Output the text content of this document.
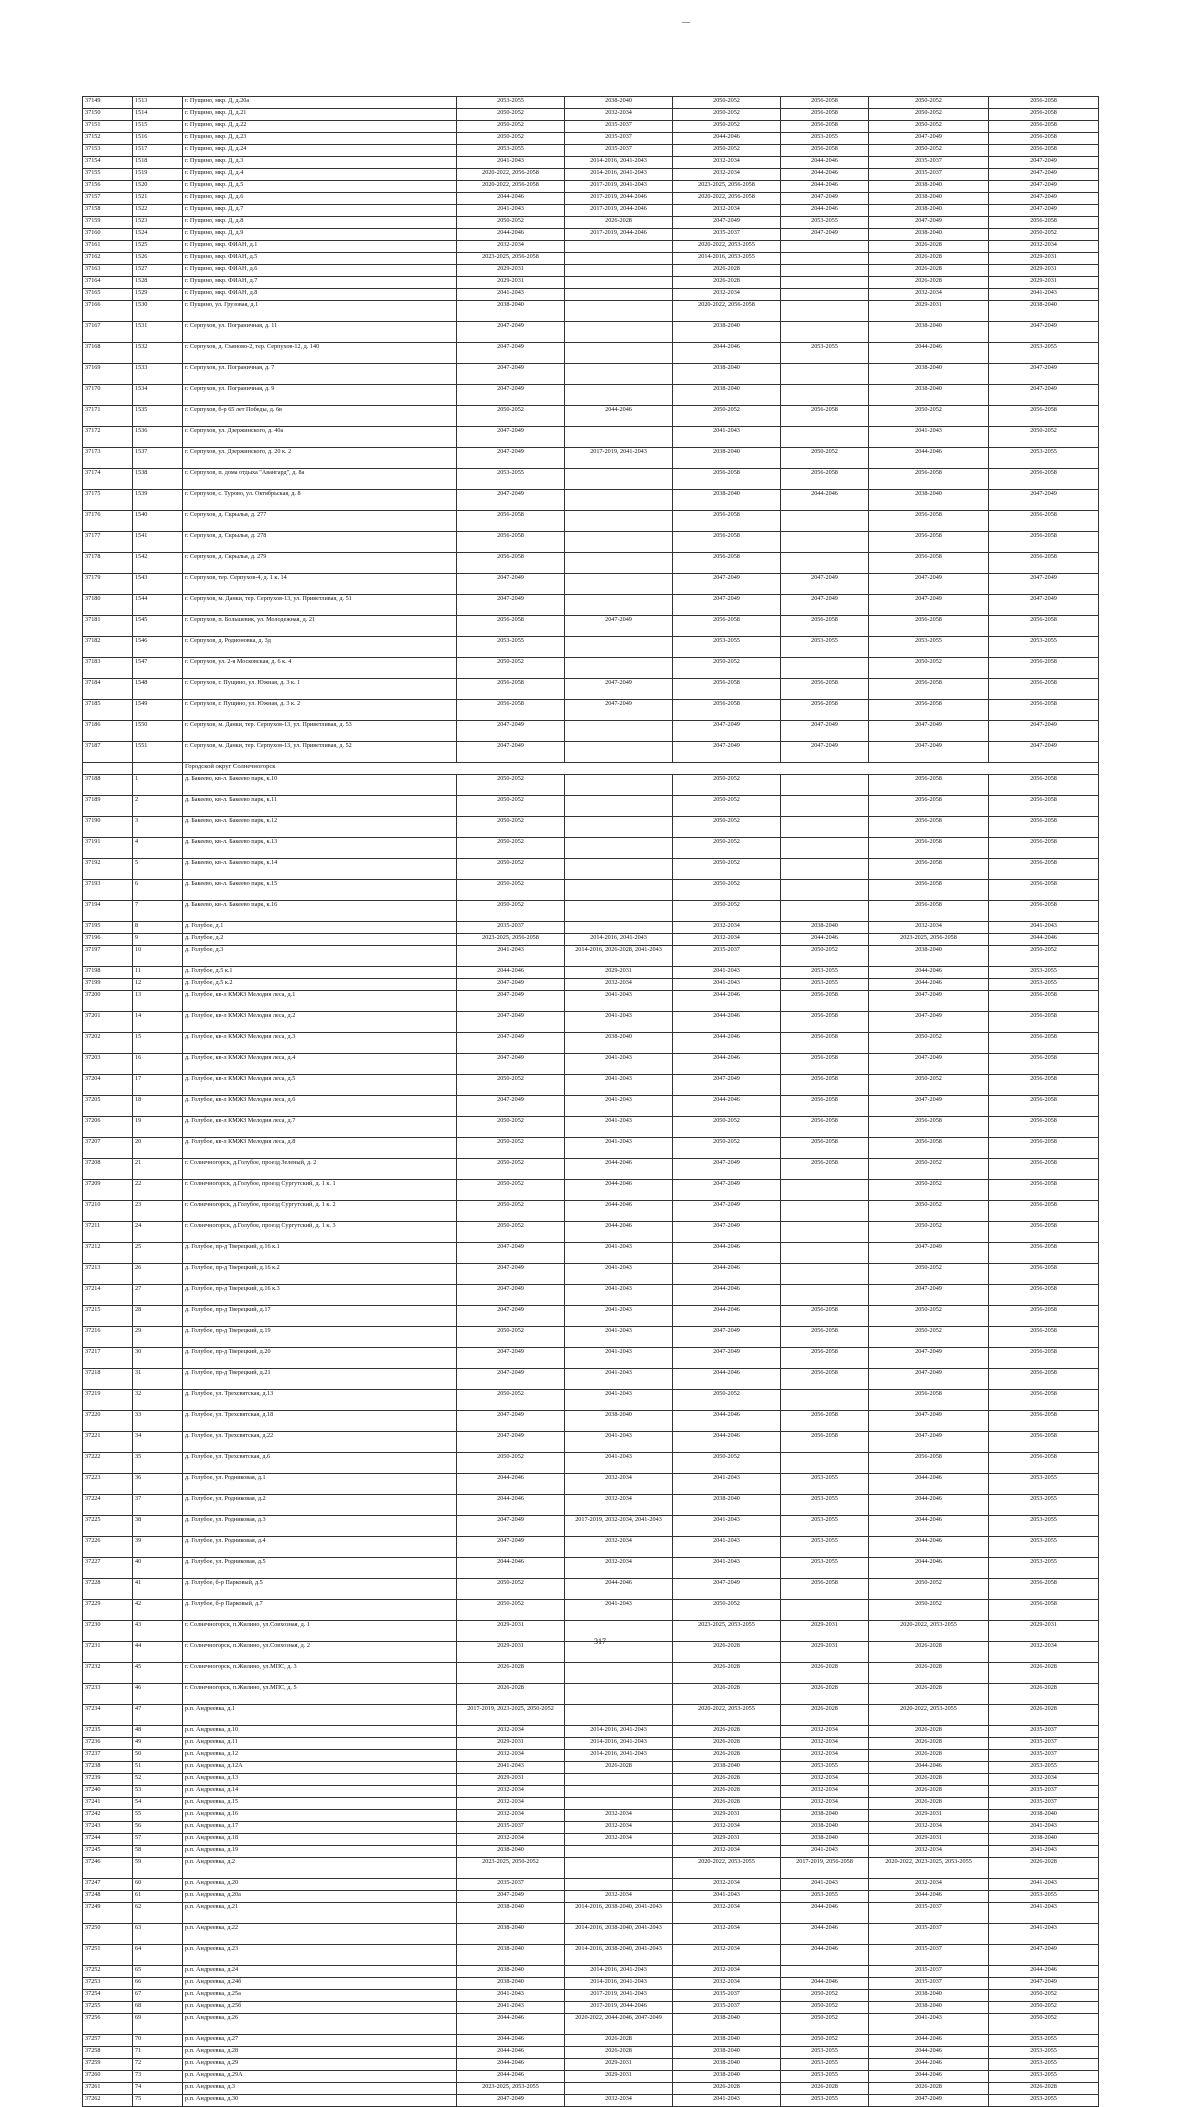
37149	1513	г. Пущино, мкр. Д, д.20а	2053-2055	2038-2040	2050-2052	2056-2058	2050-2052	2056-2058
37150	1514	г. Пущино, мкр. Д, д.21	2050-2052	2032-2034	2050-2052	2056-2058	2050-2052	2056-2058
37151	1515	г. Пущино, мкр. Д, д.22	2050-2052	2035-2037	2050-2052	2056-2058	2050-2052	2056-2058
37152	1516	г. Пущино, мкр. Д, д.23	2050-2052	2035-2037	2044-2046	2053-2055	2047-2049	2056-2058
37153	1517	г. Пущино, мкр. Д, д.24	2053-2055	2035-2037	2050-2052	2056-2058	2050-2052	2056-2058
37154	1518	г. Пущино, мкр. Д, д.3	2041-2043	2014-2016, 2041-2043	2032-2034	2044-2046	2035-2037	2047-2049
37155	1519	г. Пущино, мкр. Д, д.4	2020-2022, 2056-2058	2014-2016, 2041-2043	2032-2034	2044-2046	2035-2037	2047-2049
37156	1520	г. Пущино, мкр. Д, д.5	2020-2022, 2056-2058	2017-2019, 2041-2043	2023-2025, 2056-2058	2044-2046	2038-2040	2047-2049
37157	1521	г. Пущино, мкр. Д, д.6	2044-2046	2017-2019, 2044-2046	2020-2022, 2056-2058	2047-2049	2038-2040	2047-2049
37158	1522	г. Пущино, мкр. Д, д.7	2041-2043	2017-2019, 2044-2046	2032-2034	2044-2046	2038-2040	2047-2049
37159	1523	г. Пущино, мкр. Д, д.8	2050-2052	2026-2028	2047-2049	2053-2055	2047-2049	2056-2058
37160	1524	г. Пущино, мкр. Д, д.9	2044-2046	2017-2019, 2044-2046	2035-2037	2047-2049	2038-2040	2050-2052
37161	1525	г. Пущино, мкр. ФИАН, д.1	2032-2034		2020-2022, 2053-2055		2026-2028	2032-2034
37162	1526	г. Пущино, мкр. ФИАН, д.5	2023-2025, 2056-2058		2014-2016, 2053-2055		2026-2028	2029-2031
37163	1527	г. Пущино, мкр. ФИАН, д.6	2029-2031		2026-2028		2026-2028	2029-2031
37164	1528	г. Пущино, мкр. ФИАН, д.7	2029-2031		2026-2028		2026-2028	2029-2031
37165	1529	г. Пущино, мкр. ФИАН, д.8	2041-2043		2032-2034		2032-2034	2041-2043
37166	1530	г. Пущино, ул. Грузовая, д.1	2038-2040		2020-2022, 2056-2058		2029-2031	2038-2040
37167	1531	г. Серпухов, ул. Пограничная, д. 11	2047-2049		2038-2040		2038-2040	2047-2049
37168	1532	г. Серпухов, д. Съяново-2, тер. Серпухов-12, д. 140	2047-2049		2044-2046	2053-2055	2044-2046	2053-2055
37169	1533	г. Серпухов, ул. Пограничная, д. 7	2047-2049		2038-2040		2038-2040	2047-2049
37170	1534	г. Серпухов, ул. Пограничная, д. 9	2047-2049		2038-2040		2038-2040	2047-2049
37171	1535	г. Серпухов, б-р 65 лет Победы, д. 6в	2050-2052	2044-2046	2050-2052	2056-2058	2050-2052	2056-2058
37172	1536	г. Серпухов, ул. Дзержинского, д. 40а	2047-2049		2041-2043		2041-2043	2050-2052
37173	1537	г. Серпухов, ул. Дзержинского, д. 20 к. 2	2047-2049	2017-2019, 2041-2043	2038-2040	2050-2052	2044-2046	2053-2055
37174	1538	г. Серпухов, п. дома отдыха "Авангард", д. 8а	2053-2055		2056-2058	2056-2058	2056-2058	2056-2058
37175	1539	г. Серпухов, с. Турово, ул. Октябрьская, д. 8	2047-2049		2038-2040	2044-2046	2038-2040	2047-2049
37176	1540	г. Серпухов, д. Скрылья, д. 277	2056-2058		2056-2058		2056-2058	2056-2058
37177	1541	г. Серпухов, д. Скрылья, д. 278	2056-2058		2056-2058		2056-2058	2056-2058
37178	1542	г. Серпухов, д. Скрылья, д. 279	2056-2058		2056-2058		2056-2058	2056-2058
37179	1543	г. Серпухов, тер. Серпухов-4, д. 1 к. 14	2047-2049		2047-2049	2047-2049	2047-2049	2047-2049
37180	1544	г. Серпухов, м. Данки, тер. Серпухов-13, ул. Приветливая, д. 51	2047-2049		2047-2049	2047-2049	2047-2049	2047-2049
37181	1545	г. Серпухов, п. Большевик, ул. Молодежная, д. 21	2056-2058	2047-2049	2056-2058	2056-2058	2056-2058	2056-2058
37182	1546	г. Серпухов, д. Родионовка, д. 3д	2053-2055		2053-2055	2053-2055	2053-2055	2053-2055
37183	1547	г. Серпухов, ул. 2-я Московская, д. 6 к. 4	2050-2052		2050-2052		2050-2052	2056-2058
37184	1548	г. Серпухов, г. Пущино, ул. Южная, д. 3 к. 1	2056-2058	2047-2049	2056-2058	2056-2058	2056-2058	2056-2058
37185	1549	г. Серпухов, г. Пущино, ул. Южная, д. 3 к. 2	2056-2058	2047-2049	2056-2058	2056-2058	2056-2058	2056-2058
37186	1550	г. Серпухов, м. Данки, тер. Серпухов-13, ул. Приветливая, д. 53	2047-2049		2047-2049	2047-2049	2047-2049	2047-2049
37187	1551	г. Серпухов, м. Данки, тер. Серпухов-13, ул. Приветливая, д. 52	2047-2049		2047-2049	2047-2049	2047-2049	2047-2049
		Городской округ Солнечногорск						
37188	1	д. Бакеево, кв-л. Бакеево парк, к.10	2050-2052		2050-2052		2056-2058	2056-2058
37189	2	д. Бакеево, кв-л. Бакеево парк, к.11	2050-2052		2050-2052		2056-2058	2056-2058
37190	3	д. Бакеево, кв-л. Бакеево парк, к.12	2050-2052		2050-2052		2056-2058	2056-2058
37191	4	д. Бакеево, кв-л. Бакеево парк, к.13	2050-2052		2050-2052		2056-2058	2056-2058
37192	5	д. Бакеево, кв-л. Бакеево парк, к.14	2050-2052		2050-2052		2056-2058	2056-2058
37193	6	д. Бакеево, кв-л. Бакеево парк, к.15	2050-2052		2050-2052		2056-2058	2056-2058
37194	7	д. Бакеево, кв-л. Бакеево парк, к.16	2050-2052		2050-2052		2056-2058	2056-2058
37195	8	д. Голубое, д.1	2035-2037		2032-2034	2038-2040	2032-2034	2041-2043
37196	9	д. Голубое, д.2	2023-2025, 2056-2058	2014-2016, 2041-2043	2032-2034	2044-2046	2023-2025, 2056-2058	2044-2046
37197	10	д. Голубое, д.3	2041-2043	2014-2016, 2026-2028, 2041-2043	2035-2037	2050-2052	2038-2040	2050-2052
37198	11	д. Голубое, д.5 к.1	2044-2046	2029-2031	2041-2043	2053-2055	2044-2046	2053-2055
37199	12	д. Голубое, д.5 к.2	2047-2049	2032-2034	2041-2043	2053-2055	2044-2046	2053-2055
37200	13	д. Голубое, кв-л КМЖЗ Мелодия леса, д.1	2047-2049	2041-2043	2044-2046	2056-2058	2047-2049	2056-2058
37201	14	д. Голубое, кв-л КМЖЗ Мелодия леса, д.2	2047-2049	2041-2043	2044-2046	2056-2058	2047-2049	2056-2058
37202	15	д. Голубое, кв-л КМЖЗ Мелодия леса, д.3	2047-2049	2038-2040	2044-2046	2056-2058	2050-2052	2056-2058
37203	16	д. Голубое, кв-л КМЖЗ Мелодия леса, д.4	2047-2049	2041-2043	2044-2046	2056-2058	2047-2049	2056-2058
37204	17	д. Голубое, кв-л КМЖЗ Мелодия леса, д.5	2050-2052	2041-2043	2047-2049	2056-2058	2050-2052	2056-2058
37205	18	д. Голубое, кв-л КМЖЗ Мелодия леса, д.6	2047-2049	2041-2043	2044-2046	2056-2058	2047-2049	2056-2058
37206	19	д. Голубое, кв-л КМЖЗ Мелодия леса, д.7	2050-2052	2041-2043	2050-2052	2056-2058	2056-2058	2056-2058
37207	20	д. Голубое, кв-л КМЖЗ Мелодия леса, д.8	2050-2052	2041-2043	2050-2052	2056-2058	2056-2058	2056-2058
37208	21	г. Солнечногорск, д.Голубое, проезд Зеленый, д. 2	2050-2052	2044-2046	2047-2049	2056-2058	2050-2052	2056-2058
37209	22	г. Солнечногорск, д.Голубое, проезд Сургутский, д. 1 к. 1	2050-2052	2044-2046	2047-2049		2050-2052	2056-2058
37210	23	г. Солнечногорск, д.Голубое, проезд Сургутский, д. 1 к. 2	2050-2052	2044-2046	2047-2049		2050-2052	2056-2058
37211	24	г. Солнечногорск, д.Голубое, проезд Сургутский, д. 1 к. 3	2050-2052	2044-2046	2047-2049		2050-2052	2056-2058
37212	25	д. Голубое, пр-д Тверецкий, д.16 к.1	2047-2049	2041-2043	2044-2046		2047-2049	2056-2058
37213	26	д. Голубое, пр-д Тверецкий, д.16 к.2	2047-2049	2041-2043	2044-2046		2050-2052	2056-2058
37214	27	д. Голубое, пр-д Тверецкий, д.16 к.3	2047-2049	2041-2043	2044-2046		2047-2049	2056-2058
37215	28	д. Голубое, пр-д Тверецкий, д.17	2047-2049	2041-2043	2044-2046	2056-2058	2050-2052	2056-2058
37216	29	д. Голубое, пр-д Тверецкий, д.19	2050-2052	2041-2043	2047-2049	2056-2058	2050-2052	2056-2058
37217	30	д. Голубое, пр-д Тверецкий, д.20	2047-2049	2041-2043	2047-2049	2056-2058	2047-2049	2056-2058
37218	31	д. Голубое, пр-д Тверецкий, д.21	2047-2049	2041-2043	2044-2046	2056-2058	2047-2049	2056-2058
37219	32	д. Голубое, ул. Трехсвятская, д.13	2050-2052	2041-2043	2050-2052		2056-2058	2056-2058
37220	33	д. Голубое, ул. Трехсвятская, д.18	2047-2049	2038-2040	2044-2046	2056-2058	2047-2049	2056-2058
37221	34	д. Голубое, ул. Трехсвятская, д.22	2047-2049	2041-2043	2044-2046	2056-2058	2047-2049	2056-2058
37222	35	д. Голубое, ул. Трехсвятская, д.6	2050-2052	2041-2043	2050-2052		2056-2058	2056-2058
37223	36	д. Голубое, ул. Родниковая, д.1	2044-2046	2032-2034	2041-2043	2053-2055	2044-2046	2053-2055
37224	37	д. Голубое, ул. Родниковая, д.2	2044-2046	2032-2034	2038-2040	2053-2055	2044-2046	2053-2055
37225	38	д. Голубое, ул. Родниковая, д.3	2047-2049	2017-2019, 2032-2034, 2041-2043	2041-2043	2053-2055	2044-2046	2053-2055
37226	39	д. Голубое, ул. Родниковая, д.4	2047-2049	2032-2034	2041-2043	2053-2055	2044-2046	2053-2055
37227	40	д. Голубое, ул. Родниковая, д.5	2044-2046	2032-2034	2041-2043	2053-2055	2044-2046	2053-2055
37228	41	д. Голубое, б-р Парковый, д.5	2050-2052	2044-2046	2047-2049	2056-2058	2050-2052	2056-2058
37229	42	д. Голубое, б-р Парковый, д.7	2050-2052	2041-2043	2050-2052		2050-2052	2056-2058
37230	43	г. Солнечногорск, п.Жилино, ул.Совхозная, д. 1	2029-2031		2023-2025, 2053-2055	2029-2031	2020-2022, 2053-2055	2029-2031
37231	44	г. Солнечногорск, п.Жилино, ул.Совхозная, д. 2	2029-2031		2026-2028	2029-2031	2026-2028	2032-2034
37232	45	г. Солнечногорск, п.Жилино, ул.МПС, д. 3	2026-2028		2026-2028	2026-2028	2026-2028	2026-2028
37233	46	г. Солнечногорск, п.Жилино, ул.МПС, д. 5	2026-2028		2026-2028	2026-2028	2026-2028	2026-2028
37234	47	р.п. Андреевка, д.1	2017-2019, 2023-2025, 2050-2052		2020-2022, 2053-2055	2026-2028	2020-2022, 2053-2055	2026-2028
37235	48	р.п. Андреевка, д.10	2032-2034	2014-2016, 2041-2043	2026-2028	2032-2034	2026-2028	2035-2037
37236	49	р.п. Андреевка, д.11	2029-2031	2014-2016, 2041-2043	2026-2028	2032-2034	2026-2028	2035-2037
37237	50	р.п. Андреевка, д.12	2032-2034	2014-2016, 2041-2043	2026-2028	2032-2034	2026-2028	2035-2037
37238	51	р.п. Андреевка, д.12А	2041-2043	2026-2028	2038-2040	2053-2055	2044-2046	2053-2055
37239	52	р.п. Андреевка, д.13	2029-2031		2026-2028	2032-2034	2026-2028	2032-2034
37240	53	р.п. Андреевка, д.14	2032-2034		2026-2028	2032-2034	2026-2028	2035-2037
37241	54	р.п. Андреевка, д.15	2032-2034		2026-2028	2032-2034	2026-2028	2035-2037
37242	55	р.п. Андреевка, д.16	2032-2034	2032-2034	2029-2031	2038-2040	2029-2031	2038-2040
37243	56	р.п. Андреевка, д.17	2035-2037	2032-2034	2032-2034	2038-2040	2032-2034	2041-2043
37244	57	р.п. Андреевка, д.18	2032-2034	2032-2034	2029-2031	2038-2040	2029-2031	2038-2040
37245	58	р.п. Андреевка, д.19	2038-2040		2032-2034	2041-2043	2032-2034	2041-2043
37246	59	р.п. Андреевка, д.2	2023-2025, 2050-2052		2020-2022, 2053-2055	2017-2019, 2056-2058	2020-2022, 2023-2025, 2053-2055	2026-2028
37247	60	р.п. Андреевка, д.20	2035-2037		2032-2034	2041-2043	2032-2034	2041-2043
37248	61	р.п. Андреевка, д.20а	2047-2049	2032-2034	2041-2043	2053-2055	2044-2046	2053-2055
37249	62	р.п. Андреевка, д.21	2038-2040	2014-2016, 2038-2040, 2041-2043	2032-2034	2044-2046	2035-2037	2041-2043
37250	63	р.п. Андреевка, д.22	2038-2040	2014-2016, 2038-2040, 2041-2043	2032-2034	2044-2046	2035-2037	2041-2043
37251	64	р.п. Андреевка, д.23	2038-2040	2014-2016, 2038-2040, 2041-2043	2032-2034	2044-2046	2035-2037	2047-2049
37252	65	р.п. Андреевка, д.24	2038-2040	2014-2016, 2041-2043	2032-2034		2035-2037	2044-2046
37253	66	р.п. Андреевка, д.24б	2038-2040	2014-2016, 2041-2043	2032-2034	2044-2046	2035-2037	2047-2049
37254	67	р.п. Андреевка, д.25а	2041-2043	2017-2019, 2041-2043	2035-2037	2050-2052	2038-2040	2050-2052
37255	68	р.п. Андреевка, д.25б	2041-2043	2017-2019, 2044-2046	2035-2037	2050-2052	2038-2040	2050-2052
37256	69	р.п. Андреевка, д.26	2044-2046	2020-2022, 2044-2046, 2047-2049	2038-2040	2050-2052	2041-2043	2050-2052
37257	70	р.п. Андреевка, д.27	2044-2046	2026-2028	2038-2040	2050-2052	2044-2046	2053-2055
37258	71	р.п. Андреевка, д.28	2044-2046	2026-2028	2038-2040	2053-2055	2044-2046	2053-2055
37259	72	р.п. Андреевка, д.29	2044-2046	2029-2031	2038-2040	2053-2055	2044-2046	2053-2055
37260	73	р.п. Андреевка, д.29А	2044-2046	2029-2031	2038-2040	2053-2055	2044-2046	2053-2055
37261	74	р.п. Андреевка, д.3	2023-2025, 2053-2055		2026-2028	2026-2028	2026-2028	2026-2028
37262	75	р.п. Андреевка, д.30	2047-2049	2032-2034	2041-2043	2053-2055	2047-2049	2053-2055
317
